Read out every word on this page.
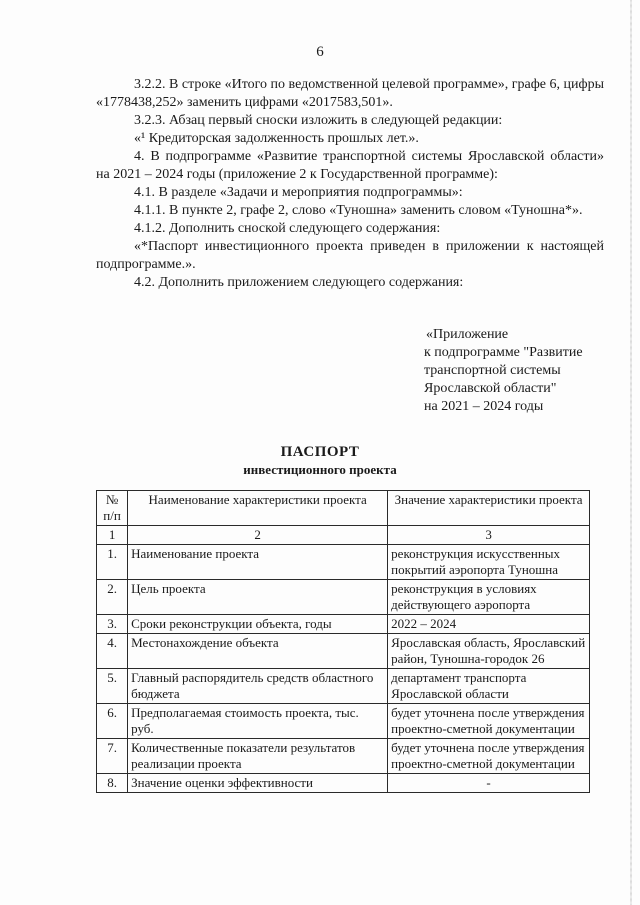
6

3.2.2. В строке «Итого по ведомственной целевой программе», графе 6, цифры «1778438,252» заменить цифрами «2017583,501».

3.2.3. Абзац первый сноски изложить в следующей редакции:

«¹ Кредиторская задолженность прошлых лет.».

4. В подпрограмме «Развитие транспортной системы Ярославской области» на 2021 – 2024 годы (приложение 2 к Государственной программе):

4.1. В разделе «Задачи и мероприятия подпрограммы»:

4.1.1. В пункте 2, графе 2, слово «Туношна» заменить словом «Туношна*».

4.1.2. Дополнить сноской следующего содержания:

«*Паспорт инвестиционного проекта приведен в приложении к настоящей подпрограмме.».

4.2. Дополнить приложением следующего содержания:

«Приложение
к подпрограмме "Развитие
транспортной системы
Ярославской области"
на 2021 – 2024 годы
ПАСПОРТ
инвестиционного проекта
№ п/п	Наименование характеристики проекта	Значение характеристики проекта
1	2	3
1.	Наименование проекта	реконструкция искусственных покрытий аэропорта Туношна
2.	Цель проекта	реконструкция в условиях действующего аэропорта
3.	Сроки реконструкции объекта, годы	2022 – 2024
4.	Местонахождение объекта	Ярославская область, Ярославский район, Туношна-городок 26
5.	Главный распорядитель средств областного бюджета	департамент транспорта Ярославской области
6.	Предполагаемая стоимость проекта, тыс. руб.	будет уточнена после утверждения проектно-сметной документации
7.	Количественные показатели результатов реализации проекта	будет уточнена после утверждения проектно-сметной документации
8.	Значение оценки эффективности	-
